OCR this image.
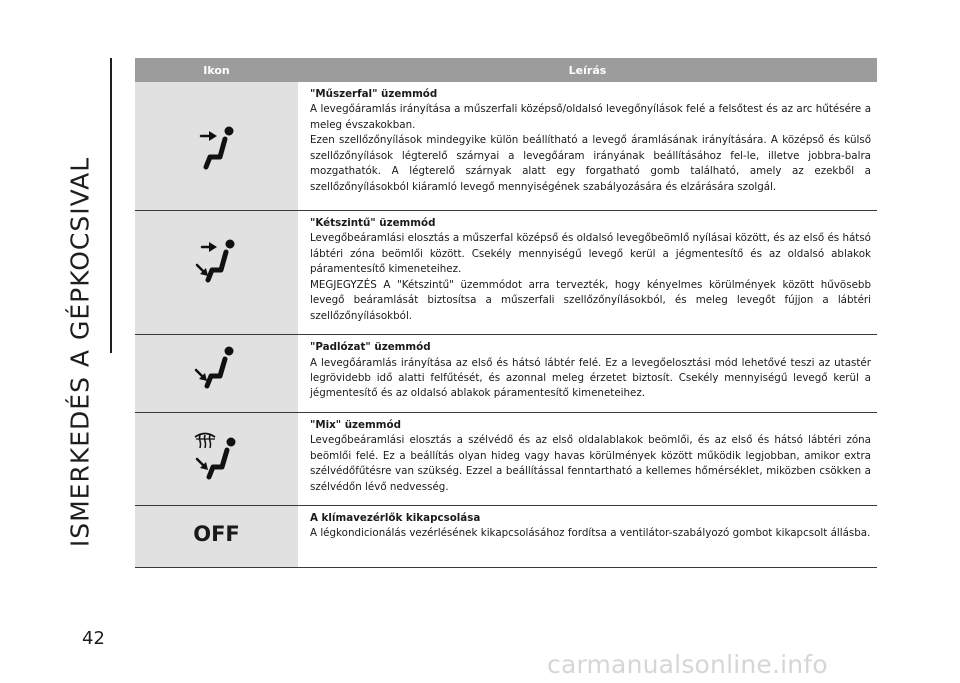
ISMERKEDÉS A GÉPKOCSIVAL
Ikon	Leírás

"Műszerfal" üzemmód
A levegőáramlás irányítása a műszerfali középső/oldalsó levegőnyílások felé a felsőtest és az arc hűtésére a meleg évszakokban.
Ezen szellőzőnyílások mindegyike külön beállítható a levegő áramlásának irányítására. A középső és külső szellőzőnyílások légterelő szárnyai a levegőáram irányának beállításához fel-le, illetve jobbra-balra mozgathatók. A légterelő szárnyak alatt egy forgatható gomb található, amely az ezekből a szellőzőnyílásokból kiáramló levegő mennyiségének szabályozására és elzárására szolgál.

"Kétszintű" üzemmód
Levegőbeáramlási elosztás a műszerfal középső és oldalsó levegőbeömlő nyílásai között, és az első és hátsó lábtéri zóna beömlői között. Csekély mennyiségű levegő kerül a jégmentesítő és az oldalsó ablakok páramentesítő kimeneteihez.
MEGJEGYZÉS A "Kétszintű" üzemmódot arra tervezték, hogy kényelmes körülmények között hűvösebb levegő beáramlását biztosítsa a műszerfali szellőzőnyílásokból, és meleg levegőt fújjon a lábtéri szellőzőnyílásokból.

"Padlózat" üzemmód
A levegőáramlás irányítása az első és hátsó lábtér felé. Ez a levegőelosztási mód lehetővé teszi az utastér legrövidebb idő alatti felfűtését, és azonnal meleg érzetet biztosít. Csekély mennyiségű levegő kerül a jégmentesítő és az oldalsó ablakok páramentesítő kimeneteihez.

"Mix" üzemmód
Levegőbeáramlási elosztás a szélvédő és az első oldalablakok beömlői, és az első és hátsó lábtéri zóna beömlői felé. Ez a beállítás olyan hideg vagy havas körülmények között működik legjobban, amikor extra szélvédőfűtésre van szükség. Ezzel a beállítással fenntartható a kellemes hőmérséklet, miközben csökken a szélvédőn lévő nedvesség.

OFF	A klímavezérlők kikapcsolása
A légkondicionálás vezérlésének kikapcsolásához fordítsa a ventilátor-szabályozó gombot kikapcsolt állásba.
42
carmanualsonline.info
